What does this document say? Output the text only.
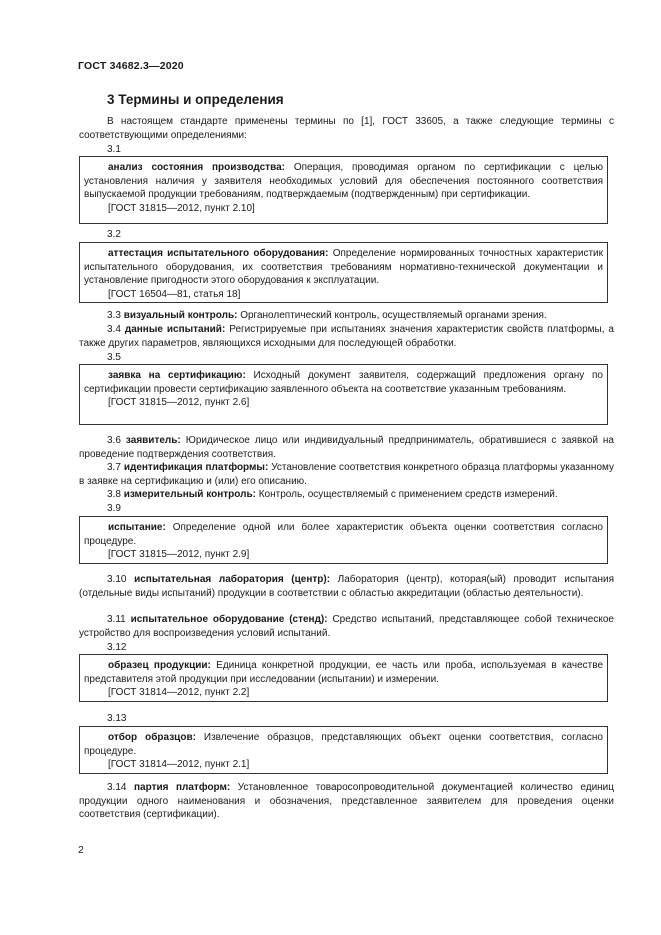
ГОСТ 34682.3—2020
3 Термины и определения
В настоящем стандарте применены термины по [1], ГОСТ 33605, а также следующие термины с соответствующими определениями:
3.1
анализ состояния производства: Операция, проводимая органом по сертификации с целью установления наличия у заявителя необходимых условий для обеспечения постоянного соответствия выпускаемой продукции требованиям, подтверждаемым (подтвержденным) при сертификации.
[ГОСТ 31815—2012, пункт 2.10]
3.2
аттестация испытательного оборудования: Определение нормированных точностных характеристик испытательного оборудования, их соответствия требованиям нормативно-технической документации и установление пригодности этого оборудования к эксплуатации.
[ГОСТ 16504—81, статья 18]
3.3 визуальный контроль: Органолептический контроль, осуществляемый органами зрения.
3.4 данные испытаний: Регистрируемые при испытаниях значения характеристик свойств платформы, а также других параметров, являющихся исходными для последующей обработки.
3.5
заявка на сертификацию: Исходный документ заявителя, содержащий предложения органу по сертификации провести сертификацию заявленного объекта на соответствие указанным требованиям.
[ГОСТ 31815—2012, пункт 2.6]
3.6 заявитель: Юридическое лицо или индивидуальный предприниматель, обратившиеся с заявкой на проведение подтверждения соответствия.
3.7 идентификация платформы: Установление соответствия конкретного образца платформы указанному в заявке на сертификацию и (или) его описанию.
3.8 измерительный контроль: Контроль, осуществляемый с применением средств измерений.
3.9
испытание: Определение одной или более характеристик объекта оценки соответствия согласно процедуре.
[ГОСТ 31815—2012, пункт 2.9]
3.10 испытательная лаборатория (центр): Лаборатория (центр), которая(ый) проводит испытания (отдельные виды испытаний) продукции в соответствии с областью аккредитации (областью деятельности).
3.11 испытательное оборудование (стенд): Средство испытаний, представляющее собой техническое устройство для воспроизведения условий испытаний.
3.12
образец продукции: Единица конкретной продукции, ее часть или проба, используемая в качестве представителя этой продукции при исследовании (испытании) и измерении.
[ГОСТ 31814—2012, пункт 2.2]
3.13
отбор образцов: Извлечение образцов, представляющих объект оценки соответствия, согласно процедуре.
[ГОСТ 31814—2012, пункт 2.1]
3.14 партия платформ: Установленное товаросопроводительной документацией количество единиц продукции одного наименования и обозначения, представленное заявителем для проведения оценки соответствия (сертификации).
2
